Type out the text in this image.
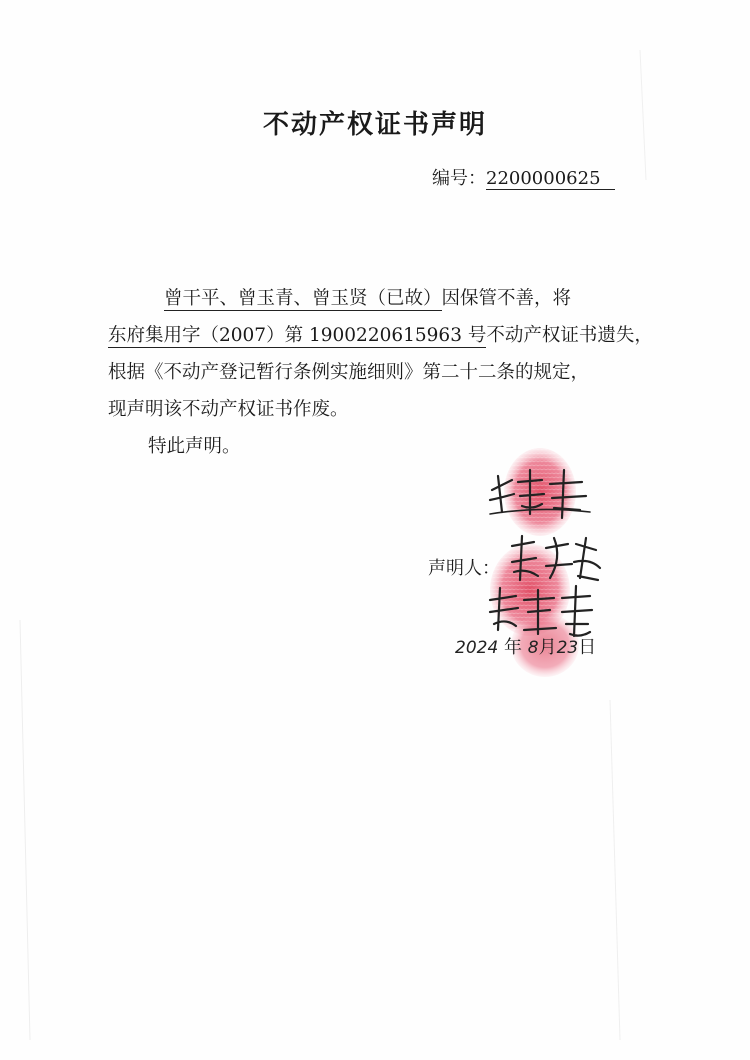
不动产权证书声明
编号：2200000625
曾干平、曾玉青、曾玉贤（已故）因保管不善，将
东府集用字（2007）第 1900220615963 号不动产权证书遗失，
根据《不动产登记暂行条例实施细则》第二十二条的规定，
现声明该不动产权证书作废。
特此声明。
声明人：
2024 年 8月23日
